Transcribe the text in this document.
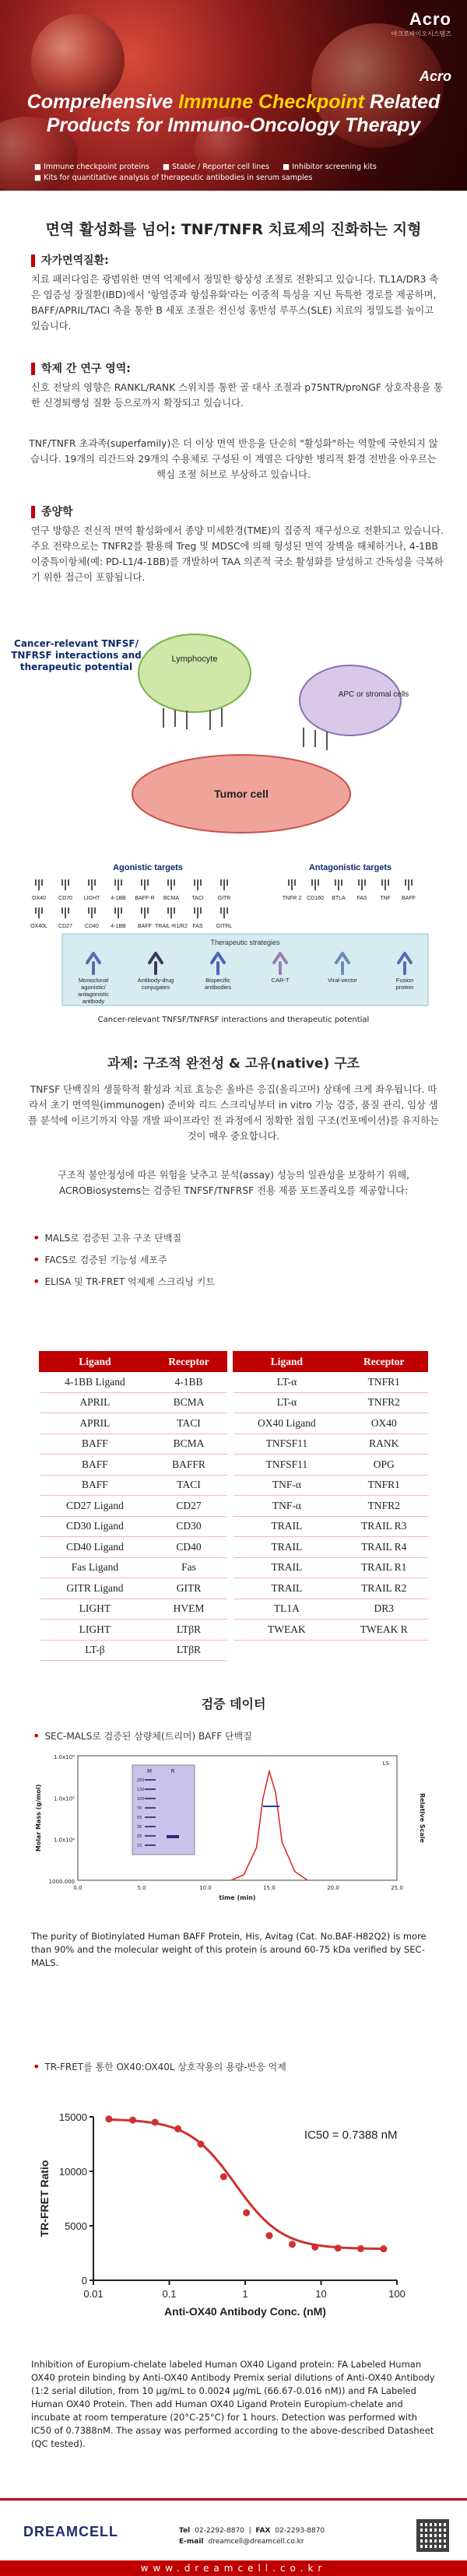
Acro
아크로바이오시스템즈
Acro
Comprehensive Immune Checkpoint Related
Products for Immuno-Oncology Therapy
■ Immune checkpoint proteins ■ Stable / Reporter cell lines ■ Inhibitor screening kits
■ Kits for quantitative analysis of therapeutic antibodies in serum samples
면역 활성화를 넘어: TNF/TNFR 치료제의 진화하는 지형
자가면역질환:

치료 패러다임은 광범위한 면역 억제에서 정밀한 항상성 조절로 전환되고 있습니다. TL1A/DR3 축은 염증성 장질환(IBD)에서 '항염증과 항섬유화'라는 이중적 특성을 지닌 독특한 경로를 제공하며, BAFF/APRIL/TACI 축을 통한 B 세포 조절은 전신성 홍반성 루푸스(SLE) 치료의 정밀도를 높이고 있습니다.

학제 간 연구 영역:

신호 전달의 영향은 RANKL/RANK 스위치를 통한 골 대사 조절과 p75NTR/proNGF 상호작용을 통한 신경퇴행성 질환 등으로까지 확장되고 있습니다.

TNF/TNFR 초과족(superfamily)은 더 이상 면역 반응을 단순히 "활성화"하는 역할에 국한되지 않습니다. 19개의 리간드와 29개의 수용체로 구성된 이 계열은 다양한 병리적 환경 전반을 아우르는 핵심 조절 허브로 부상하고 있습니다.

종양학

연구 방향은 전신적 면역 활성화에서 종양 미세환경(TME)의 집중적 재구성으로 전환되고 있습니다. 주요 전략으로는 TNFR2를 활용해 Treg 및 MDSC에 의해 형성된 면역 장벽을 해체하거나, 4-1BB 이중특이항체(예: PD-L1/4-1BB)를 개발하여 TAA 의존적 국소 활성화를 달성하고 간독성을 극복하기 위한 접근이 포함됩니다.

Cancer-relevant TNFSF/ TNFRSF interactions and therapeutic potential
Lymphocyte
APC or stromal cells
Tumor cell
Agonistic targets	Antagonistic targets
OX40 CD70 LIGHT 4-1BB BAFF-R BCMA TACI	GITR
OX40L CD27 CD40 4-1BB BAFF TRAIL-R1/R2 FAS GITRL
TNFR 2 CD160 BTLA FAS TNF BAFF
Therapeutic strategies
Monoclonal agonistic/ antagonistic antibody
Antibody-drug conjugates
Bispecific antibodies
CAR-T	Viral-vector	Fusion protein
Cancer-relevant TNFSF/TNFRSF interactions and therapeutic potential
과제: 구조적 완전성 & 고유(native) 구조

TNFSF 단백질의 생물학적 활성과 치료 효능은 올바른 응집(올리고머) 상태에 크게 좌우됩니다. 따라서 초기 면역원(immunogen) 준비와 리드 스크리닝부터 in vitro 기능 검증, 품질 관리, 임상 샘플 분석에 이르기까지 약물 개발 파이프라인 전 과정에서 정확한 접힘 구조(컨포메이션)를 유지하는 것이 매우 중요합니다.

구조적 불안정성에 따른 위험을 낮추고 분석(assay) 성능의 일관성을 보장하기 위해, ACROBiosystems는 검증된 TNFSF/TNFRSF 전용 제품 포트폴리오를 제공합니다:

• MALS로 검증된 고유 구조 단백질
• FACS로 검증된 기능성 세포주
• ELISA 및 TR-FRET 억제제 스크리닝 키트
Ligand	Receptor		Ligand	Receptor
4-1BB Ligand	4-1BB		LT-α	TNFR1
APRIL	BCMA		LT-α	TNFR2
APRIL	TACI		OX40 Ligand	OX40
BAFF	BCMA		TNFSF11	RANK
BAFF	BAFFR		TNFSF11	OPG
BAFF	TACI		TNF-α	TNFR1
CD27 Ligand	CD27		TNF-α	TNFR2
CD30 Ligand	CD30		TRAIL	TRAIL R3
CD40 Ligand	CD40		TRAIL	TRAIL R4
Fas Ligand	Fas		TRAIL	TRAIL R1
GITR Ligand	GITR		TRAIL	TRAIL R2
LIGHT	HVEM		TL1A	DR3
LIGHT	LTβR		TWEAK	TWEAK R
LT-β	LTβR			
검증 데이터
• SEC-MALS로 검증된 삼량체(트리머) BAFF 단백질
1.0x10⁶
1.0x10⁵
1.0x10⁴
1000.000
0.0	5.0	10.0	15.0	20.0	25.0
time (min)
Molar Mass (g/mol)	Relative Scale
LS
M	R
250
130
100
70
55
35
25
15
The purity of Biotinylated Human BAFF Protein, His, Avitag (Cat. No.BAF-H82Q2) is more than 90% and the molecular weight of this protein is around 60-75 kDa verified by SEC-MALS.
• TR-FRET를 통한 OX40:OX40L 상호작용의 용량-반응 억제
0
5000
10000
15000
0.01	0.1	1	10	100
Anti-OX40 Antibody Conc. (nM)
TR-FRET Ratio
IC50 = 0.7388 nM
Inhibition of Europium-chelate labeled Human OX40 Ligand protein: FA Labeled Human OX40 protein binding by Anti-OX40 Antibody Premix serial dilutions of Anti-OX40 Antibody (1:2 serial dilution, from 10 μg/mL to 0.0024 μg/mL (66.67-0.016 nM)) and FA Labeled Human OX40 Protein. Then add Human OX40 Ligand Protein Europium-chelate and incubate at room temperature (20°C-25°C) for 1 hours. Detection was performed with IC50 of 0.7388nM. The assay was performed according to the above-described Datasheet (QC tested).
DREAMCELL	Tel 02-2292-8870  |  FAX 02-2293-8870
E-mail dreamcell@dreamcell.co.kr
www.dreamcell.co.kr
